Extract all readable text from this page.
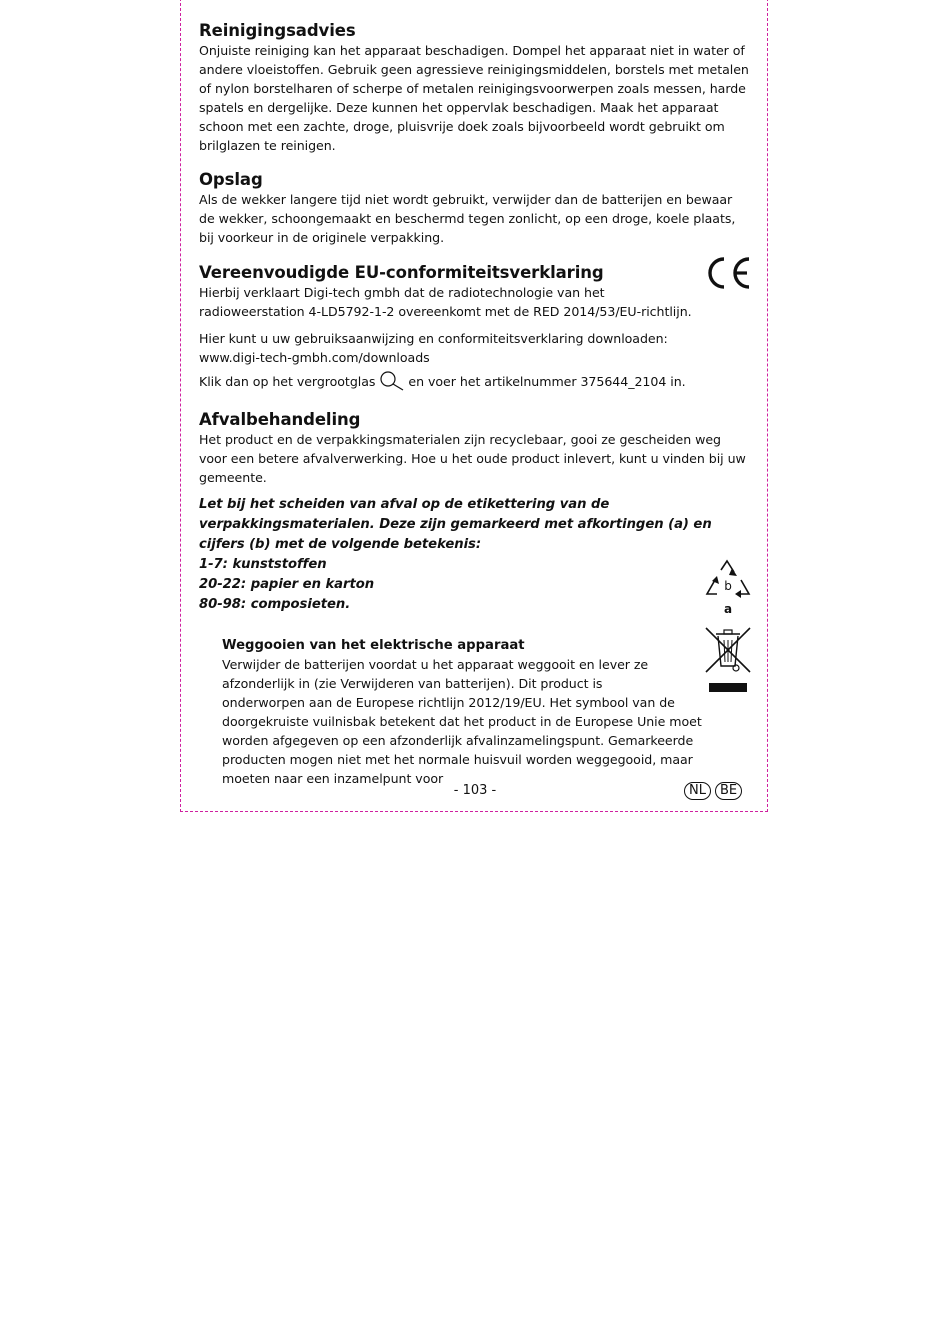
Reinigingsadvies

Onjuiste reiniging kan het apparaat beschadigen. Dompel het apparaat niet in water of andere vloeistoffen. Gebruik geen agressieve reinigingsmiddelen, borstels met metalen of nylon borstelharen of scherpe of metalen reinigingsvoorwerpen zoals messen, harde spatels en dergelijke. Deze kunnen het oppervlak beschadigen. Maak het apparaat schoon met een zachte, droge, pluisvrije doek zoals bijvoorbeeld wordt gebruikt om brilglazen te reinigen.

Opslag

Als de wekker langere tijd niet wordt gebruikt, verwijder dan de batterijen en bewaar de wekker, schoongemaakt en beschermd tegen zonlicht, op een droge, koele plaats, bij voorkeur in de originele verpakking.

Vereenvoudigde EU-conformiteitsverklaring

Hierbij verklaart Digi-tech gmbh dat de radiotechnologie van het radioweerstation 4-LD5792-1-2 overeenkomt met de RED 2014/53/EU-richtlijn.

Hier kunt u uw gebruiksaanwijzing en conformiteitsverklaring downloaden:

www.digi-tech-gmbh.com/downloads

Klik dan op het vergrootglas	en voer het artikelnummer 375644_2104 in.

Afvalbehandeling

Het product en de verpakkingsmaterialen zijn recyclebaar, gooi ze gescheiden weg voor een betere afvalverwerking. Hoe u het oude product inlevert, kunt u vinden bij uw gemeente.

Let bij het scheiden van afval op de etikettering van de verpakkingsmaterialen. Deze zijn gemarkeerd met afkortingen (a) en cijfers (b) met de volgende betekenis:

1-7: kunststoffen

20-22: papier en karton

80-98: composieten.

b
a
Weggooien van het elektrische apparaat

Verwijder de batterijen voordat u het apparaat weggooit en lever ze afzonderlijk in (zie Verwijderen van batterijen). Dit product is onderworpen aan de Europese richtlijn 2012/19/EU. Het symbool van de doorgekruiste vuilnisbak betekent dat het product in de Europese Unie moet worden afgegeven op een afzonderlijk afvalinzamelingspunt. Gemarkeerde producten mogen niet met het normale huisvuil worden weggegooid, maar moeten naar een inzamelpunt voor

- 103 -	NL	BE
